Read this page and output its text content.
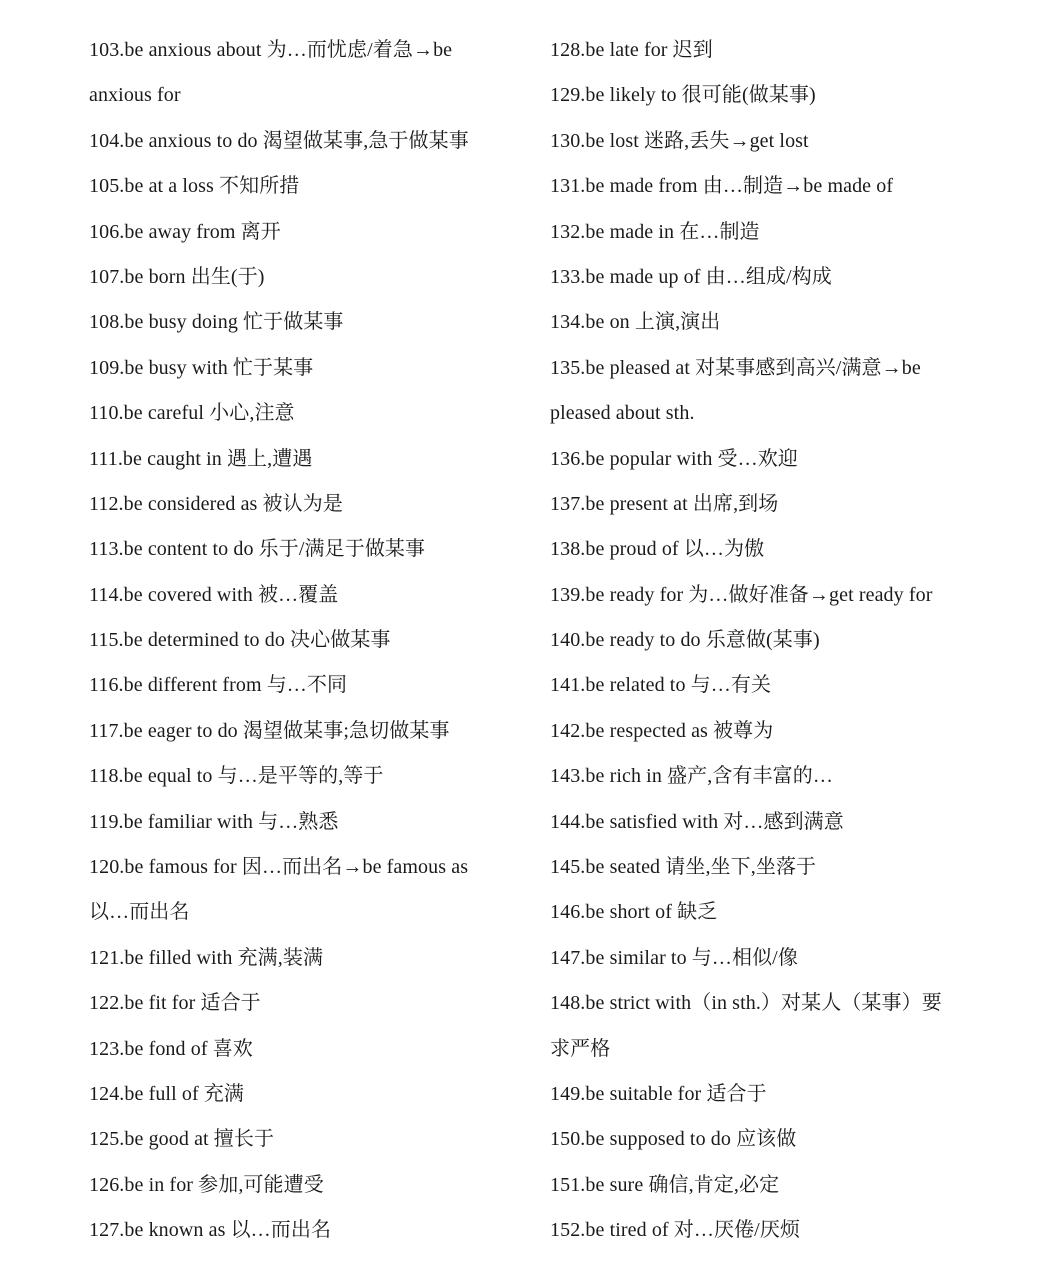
103.be anxious about 为…而忧虑/着急→be
anxious for
104.be anxious to do 渴望做某事,急于做某事
105.be at a loss 不知所措
106.be away from 离开
107.be born 出生(于)
108.be busy doing 忙于做某事
109.be busy with 忙于某事
110.be careful 小心,注意
111.be caught in 遇上,遭遇
112.be considered as 被认为是
113.be content to do 乐于/满足于做某事
114.be covered with 被…覆盖
115.be determined to do 决心做某事
116.be different from 与…不同
117.be eager to do 渴望做某事;急切做某事
118.be equal to 与…是平等的,等于
119.be familiar with 与…熟悉
120.be famous for 因…而出名→be famous as
以…而出名
121.be filled with 充满,装满
122.be fit for 适合于
123.be fond of 喜欢
124.be full of 充满
125.be good at 擅长于
126.be in for 参加,可能遭受
127.be known as 以…而出名
128.be late for 迟到
129.be likely to 很可能(做某事)
130.be lost 迷路,丢失→get lost
131.be made from 由…制造→be made of
132.be made in 在…制造
133.be made up of 由…组成/构成
134.be on 上演,演出
135.be pleased at 对某事感到高兴/满意→be
pleased about sth.
136.be popular with 受…欢迎
137.be present at 出席,到场
138.be proud of 以…为傲
139.be ready for 为…做好准备→get ready for
140.be ready to do 乐意做(某事)
141.be related to 与…有关
142.be respected as 被尊为
143.be rich in 盛产,含有丰富的…
144.be satisfied with 对…感到满意
145.be seated 请坐,坐下,坐落于
146.be short of 缺乏
147.be similar to 与…相似/像
148.be strict with（in sth.）对某人（某事）要
求严格
149.be suitable for 适合于
150.be supposed to do 应该做
151.be sure 确信,肯定,必定
152.be tired of 对…厌倦/厌烦
